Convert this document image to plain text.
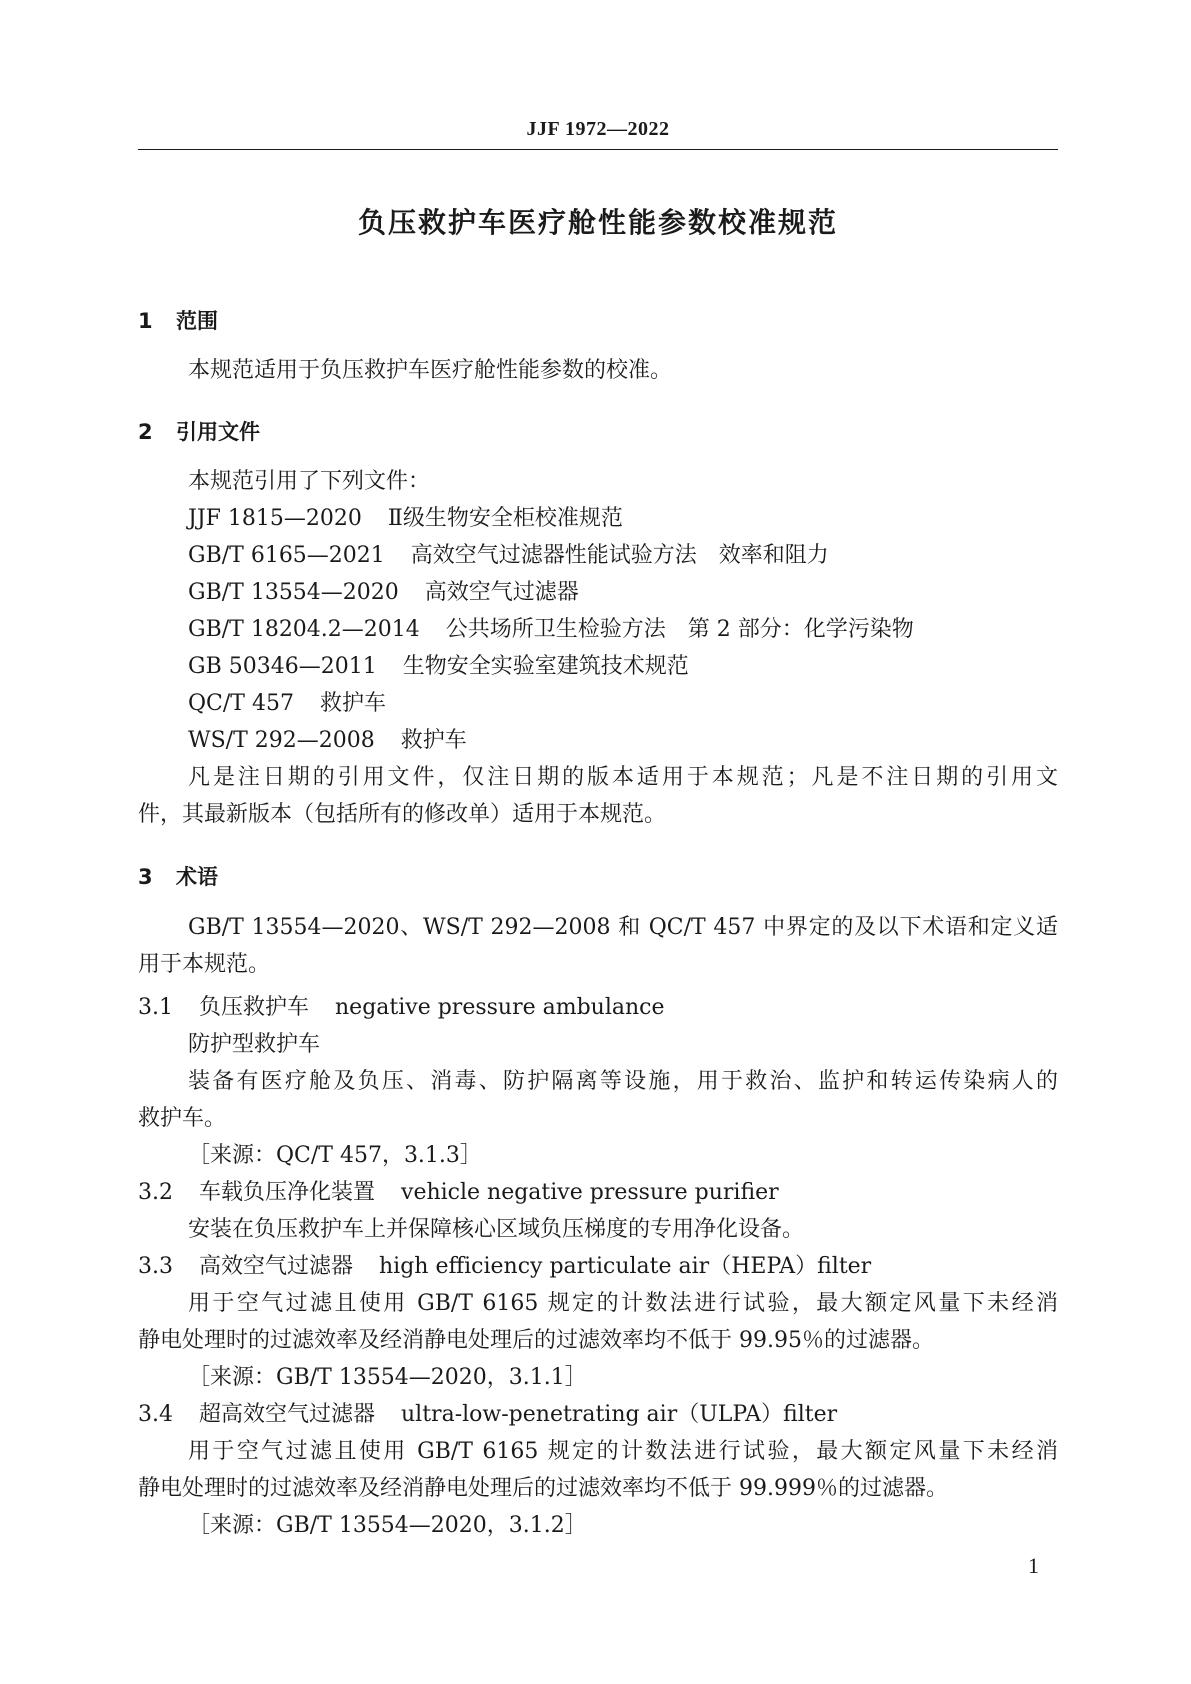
JJF 1972—2022
负压救护车医疗舱性能参数校准规范
1 范围
本规范适用于负压救护车医疗舱性能参数的校准。
2 引用文件
本规范引用了下列文件：
JJF 1815—2020 Ⅱ级生物安全柜校准规范
GB/T 6165—2021 高效空气过滤器性能试验方法　效率和阻力
GB/T 13554—2020 高效空气过滤器
GB/T 18204.2—2014 公共场所卫生检验方法　第 2 部分：化学污染物
GB 50346—2011 生物安全实验室建筑技术规范
QC/T 457 救护车
WS/T 292—2008 救护车
凡是注日期的引用文件，仅注日期的版本适用于本规范；凡是不注日期的引用文
件，其最新版本（包括所有的修改单）适用于本规范。
3 术语
GB/T 13554—2020、WS/T 292—2008 和 QC/T 457 中界定的及以下术语和定义适
用于本规范。
3.1 负压救护车 negative pressure ambulance
防护型救护车
装备有医疗舱及负压、消毒、防护隔离等设施，用于救治、监护和转运传染病人的
救护车。
［来源：QC/T 457，3.1.3］
3.2 车载负压净化装置 vehicle negative pressure purifier
安装在负压救护车上并保障核心区域负压梯度的专用净化设备。
3.3 高效空气过滤器 high efficiency particulate air（HEPA）filter
用于空气过滤且使用 GB/T 6165 规定的计数法进行试验，最大额定风量下未经消
静电处理时的过滤效率及经消静电处理后的过滤效率均不低于 99.95％的过滤器。
［来源：GB/T 13554—2020，3.1.1］
3.4 超高效空气过滤器 ultra-low-penetrating air（ULPA）filter
用于空气过滤且使用 GB/T 6165 规定的计数法进行试验，最大额定风量下未经消
静电处理时的过滤效率及经消静电处理后的过滤效率均不低于 99.999％的过滤器。
［来源：GB/T 13554—2020，3.1.2］
1
